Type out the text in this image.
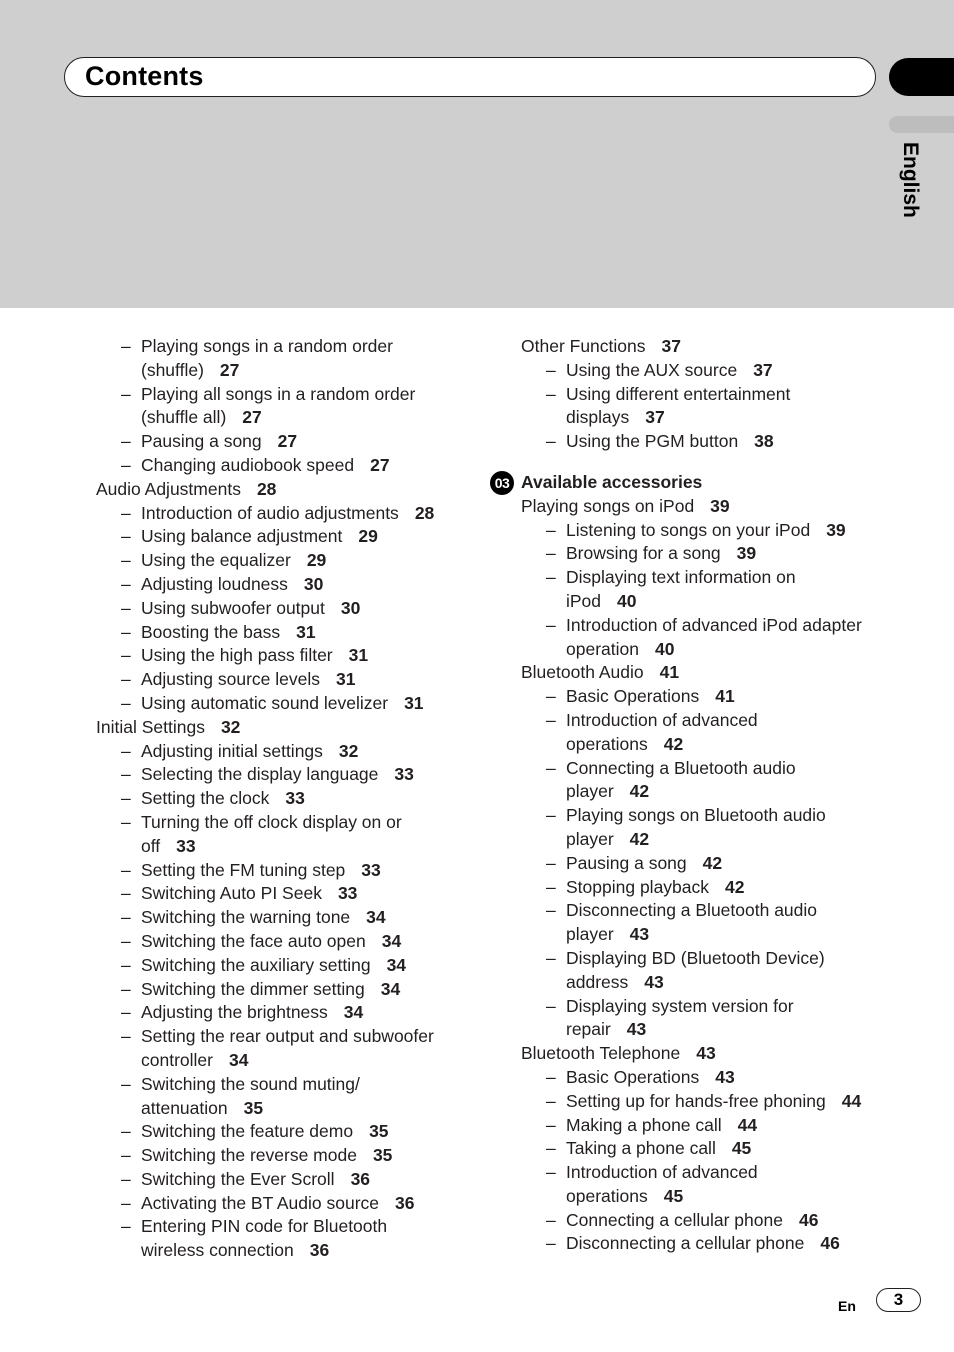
Contents
English
– Playing songs in a random order
(shuffle) 27
– Playing all songs in a random order
(shuffle all) 27
– Pausing a song 27
– Changing audiobook speed 27
Audio Adjustments 28
– Introduction of audio adjustments 28
– Using balance adjustment 29
– Using the equalizer 29
– Adjusting loudness 30
– Using subwoofer output 30
– Boosting the bass 31
– Using the high pass filter 31
– Adjusting source levels 31
– Using automatic sound levelizer 31
Initial Settings 32
– Adjusting initial settings 32
– Selecting the display language 33
– Setting the clock 33
– Turning the off clock display on or
off 33
– Setting the FM tuning step 33
– Switching Auto PI Seek 33
– Switching the warning tone 34
– Switching the face auto open 34
– Switching the auxiliary setting 34
– Switching the dimmer setting 34
– Adjusting the brightness 34
– Setting the rear output and subwoofer
controller 34
– Switching the sound muting/
attenuation 35
– Switching the feature demo 35
– Switching the reverse mode 35
– Switching the Ever Scroll 36
– Activating the BT Audio source 36
– Entering PIN code for Bluetooth
wireless connection 36
Other Functions 37
– Using the AUX source 37
– Using different entertainment
displays 37
– Using the PGM button 38
03 Available accessories
Playing songs on iPod 39
– Listening to songs on your iPod 39
– Browsing for a song 39
– Displaying text information on
iPod 40
– Introduction of advanced iPod adapter
operation 40
Bluetooth Audio 41
– Basic Operations 41
– Introduction of advanced
operations 42
– Connecting a Bluetooth audio
player 42
– Playing songs on Bluetooth audio
player 42
– Pausing a song 42
– Stopping playback 42
– Disconnecting a Bluetooth audio
player 43
– Displaying BD (Bluetooth Device)
address 43
– Displaying system version for
repair 43
Bluetooth Telephone 43
– Basic Operations 43
– Setting up for hands-free phoning 44
– Making a phone call 44
– Taking a phone call 45
– Introduction of advanced
operations 45
– Connecting a cellular phone 46
– Disconnecting a cellular phone 46
En	3
